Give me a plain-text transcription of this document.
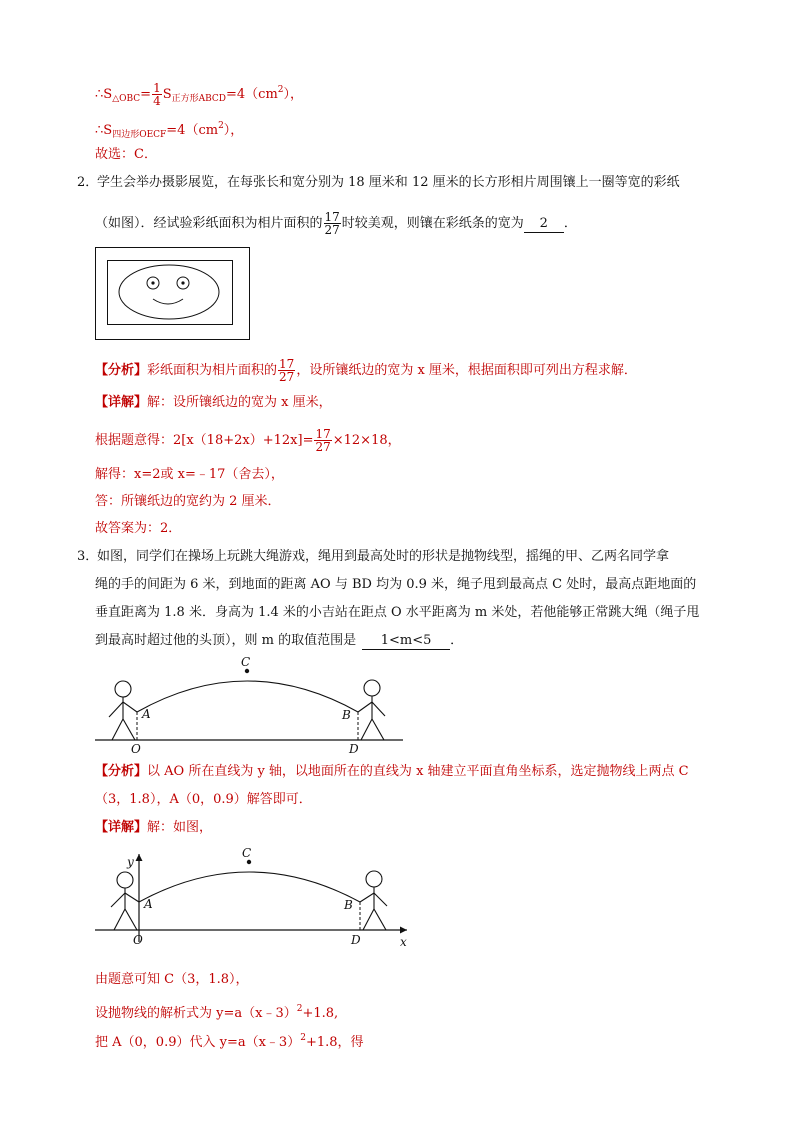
$\therefore S_{\triangle OBC}= \frac{1}{4} S_{正方形ABCD}=4(cm^2)$，
$\therefore S_{四边形OECF}=4(cm^2)$，
故选：C．
2．
学生会举办摄影展览，在每张长和宽分别为 18 厘米和 12 厘米的长方形相片周围镶上一圈等宽的彩纸
（如图）．经试验彩纸面积为相片面积的 $\frac{17}{27}$ 时较美观，则镶在彩纸条的宽为 2 ．
【分析】彩纸面积为相片面积的 $\frac{17}{27}$ ，设所镶纸边的宽为 x 厘米，根据面积即可列出方程求解．
【详解】解：设所镶纸边的宽为 x 厘米，
根据题意得：$2[x(18+2x)+12x]= \frac{17}{27} \times 12\times 18$，
解得：x=2或 x=﹣17（舍去），
答：所镶纸边的宽约为 2 厘米．
故答案为：2．
3．
如图，同学们在操场上玩跳大绳游戏，绳用到最高处时的形状是抛物线型，摇绳的甲、乙两名同学拿
绳的手的间距为 6 米，到地面的距离 AO 与 BD 均为 0.9 米，绳子甩到最高点 C 处时，最高点距地面的
垂直距离为 1.8 米．身高为 1.4 米的小吉站在距点 O 水平距离为 m 米处，若他能够正常跳大绳（绳子甩
到最高时超过他的头顶），则 m 的取值范围是 1<m<5 ．
C
A	B
O	D
【分析】以 AO 所在直线为 y 轴，以地面所在的直线为 x 轴建立平面直角坐标系，选定抛物线上两点 C
（3，1.8），A（0，0.9）解答即可．
【详解】解：如图，
C
A	B
O	D	x
y
由题意可知 C（3，1.8），
设抛物线的解析式为 y=a（x﹣3）$^2$+1.8,
把 A（0，0.9）代入 y=a（x﹣3）$^2$+1.8，得
